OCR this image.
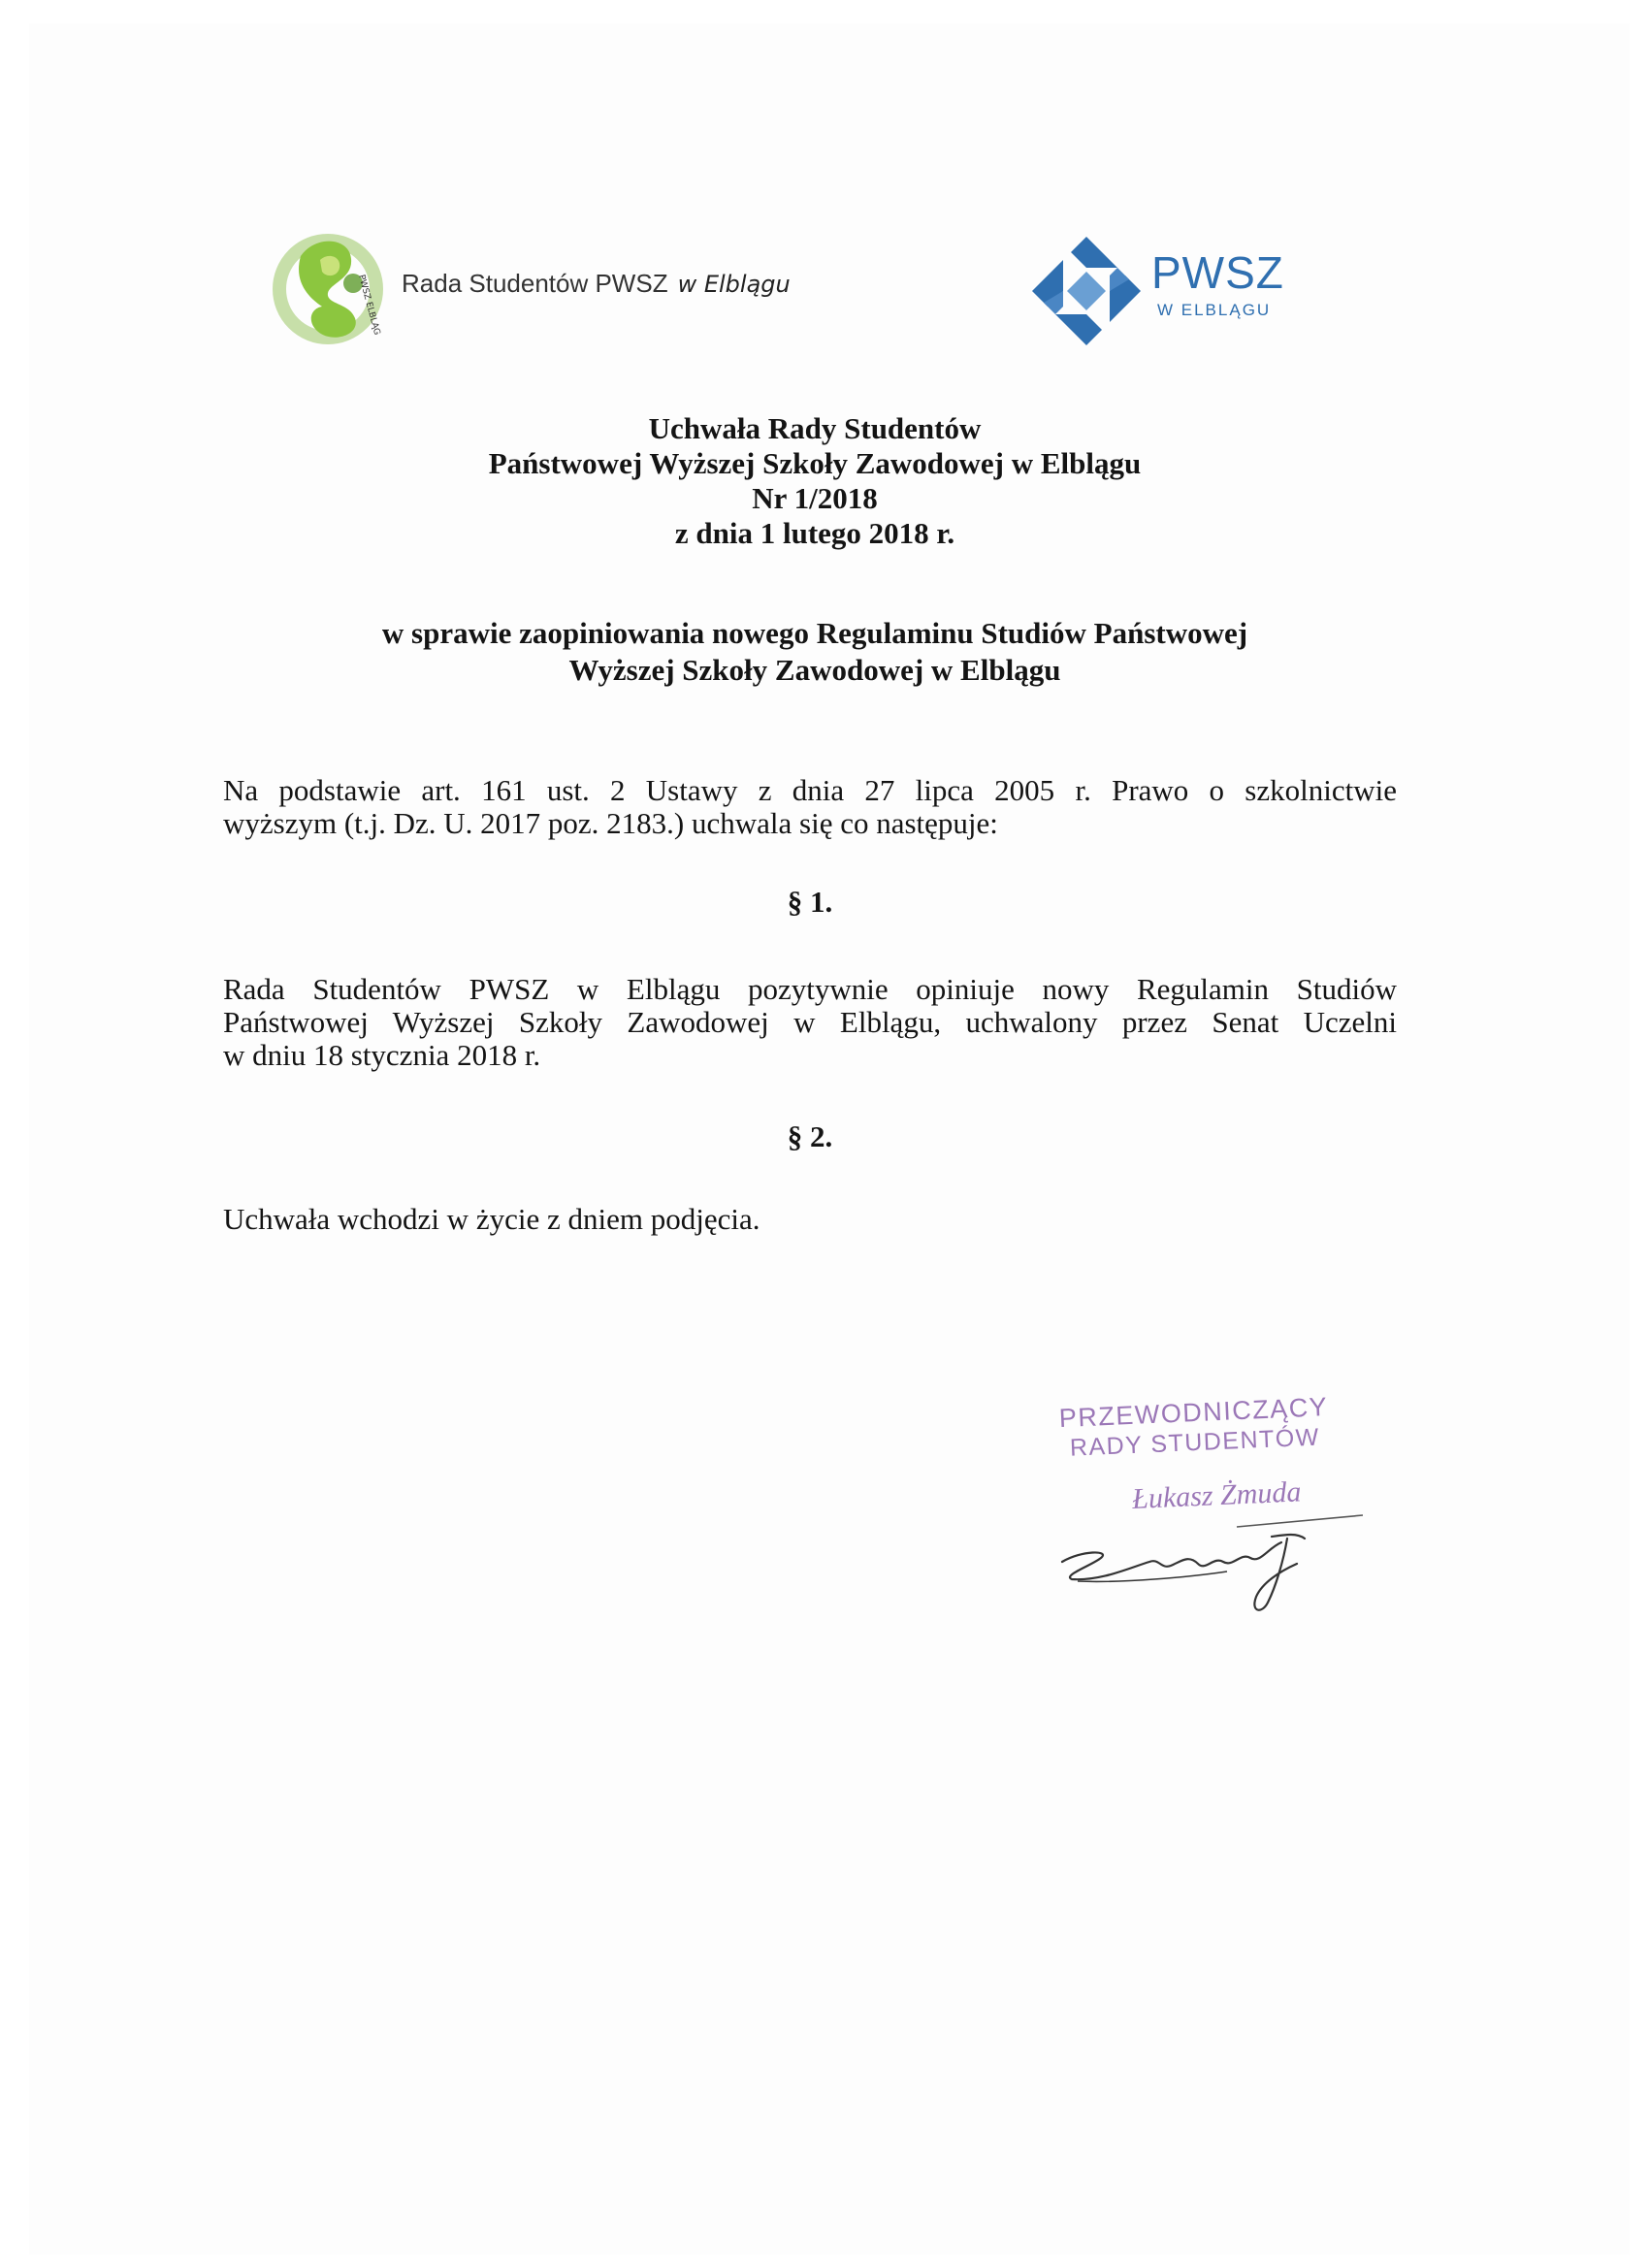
PWSZ ELBLĄG Rada Studentów PWSZ w Elblągu	PWSZ
W ELBLĄGU
Uchwała Rady Studentów
Państwowej Wyższej Szkoły Zawodowej w Elblągu
Nr 1/2018
z dnia 1 lutego 2018 r.
w sprawie zaopiniowania nowego Regulaminu Studiów Państwowej
Wyższej Szkoły Zawodowej w Elblągu
Na podstawie art. 161 ust. 2 Ustawy z dnia 27 lipca 2005 r. Prawo o szkolnictwie
wyższym (t.j. Dz. U. 2017 poz. 2183.) uchwala się co następuje:
§ 1.
Rada Studentów PWSZ w Elblągu pozytywnie opiniuje nowy Regulamin Studiów
Państwowej Wyższej Szkoły Zawodowej w Elblągu, uchwalony przez Senat Uczelni
w dniu 18 stycznia 2018 r.
§ 2.
Uchwała wchodzi w życie z dniem podjęcia.
PRZEWODNICZĄCY
RADY STUDENTÓW
Łukasz Żmuda
